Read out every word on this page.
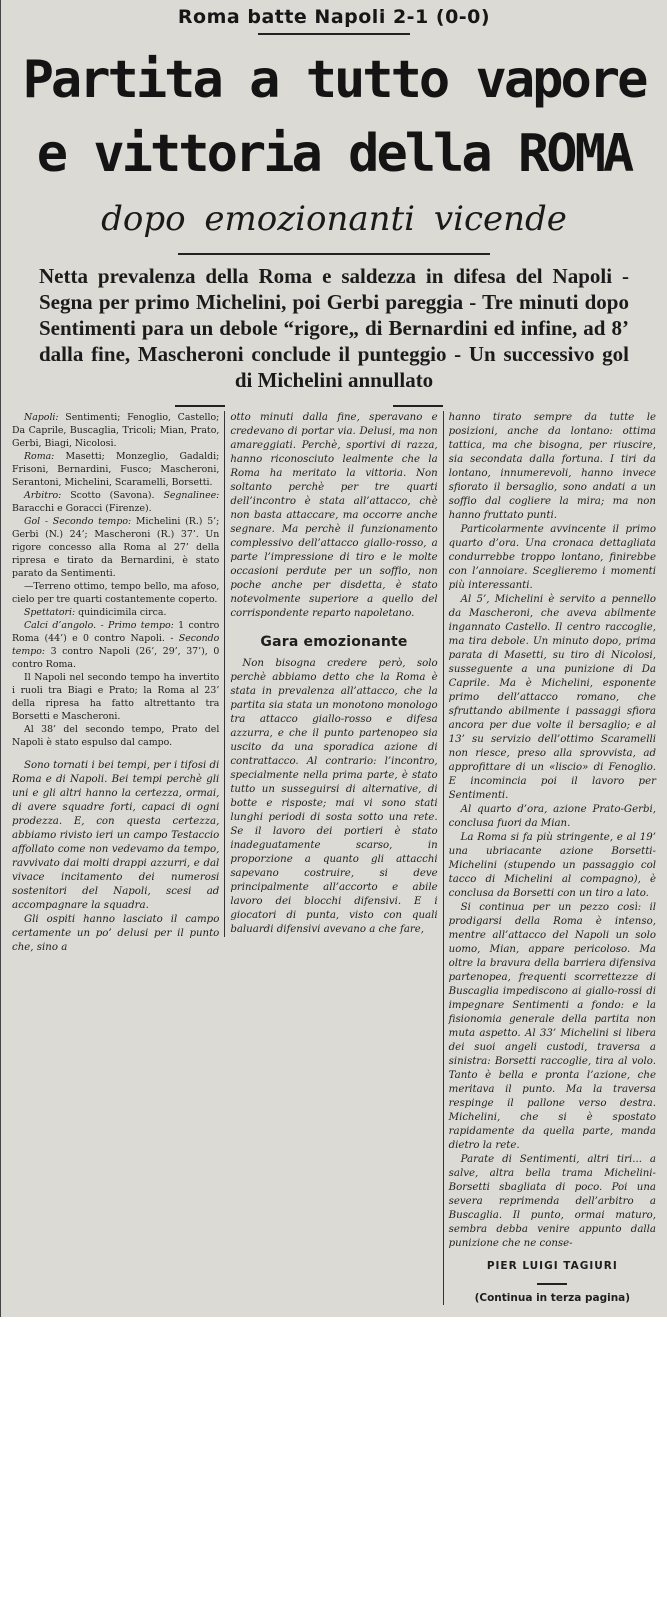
Roma batte Napoli 2-1 (0-0)
Partita a tutto vapore
e vittoria della ROMA
dopo emozionanti vicende
Netta prevalenza della Roma e saldezza in difesa del Napoli - Segna per primo Michelini, poi Gerbi pareggia - Tre minuti dopo Sentimenti para un debole “rigore„ di Bernardini ed infine, ad 8’ dalla fine, Mascheroni conclude il punteggio - Un successivo gol di Michelini annullato

Napoli: Sentimenti; Fenoglio, Castello; Da Caprile, Buscaglia, Tricoli; Mian, Prato, Gerbi, Biagi, Nicolosi.

Roma: Masetti; Monzeglio, Gadaldi; Frisoni, Bernardini, Fusco; Mascheroni, Serantoni, Michelini, Scaramelli, Borsetti.

Arbitro: Scotto (Savona). Segnalinee: Baracchi e Goracci (Firenze).

Gol - Secondo tempo: Michelini (R.) 5’; Gerbi (N.) 24’; Mascheroni (R.) 37’. Un rigore concesso alla Roma al 27’ della ripresa e tirato da Bernardini, è stato parato da Sentimenti.

—Terreno ottimo, tempo bello, ma afoso, cielo per tre quarti costantemente coperto.

Spettatori: quindicimila circa.

Calci d’angolo. - Primo tempo: 1 contro Roma (44’) e 0 contro Napoli. - Secondo tempo: 3 contro Napoli (26’, 29’, 37’), 0 contro Roma.

Il Napoli nel secondo tempo ha invertito i ruoli tra Biagi e Prato; la Roma al 23’ della ripresa ha fatto altrettanto tra Borsetti e Mascheroni.

Al 38’ del secondo tempo, Prato del Napoli è stato espulso dal campo.

Sono tornati i bei tempi, per i tifosi di Roma e di Napoli. Bei tempi perchè gli uni e gli altri hanno la certezza, ormai, di avere squadre forti, capaci di ogni prodezza. E, con questa certezza, abbiamo rivisto ieri un campo Testaccio affollato come non vedevamo da tempo, ravvivato dai molti drappi azzurri, e dal vivace incitamento dei numerosi sostenitori del Napoli, scesi ad accompagnare la squadra.

Gli ospiti hanno lasciato il campo certamente un po’ delusi per il punto che, sino a

otto minuti dalla fine, speravano e credevano di portar via. Delusi, ma non amareggiati. Perchè, sportivi di razza, hanno riconosciuto lealmente che la Roma ha meritato la vittoria. Non soltanto perchè per tre quarti dell’incontro è stata all’attacco, chè non basta attaccare, ma occorre anche segnare. Ma perchè il funzionamento complessivo dell’attacco giallo-rosso, a parte l’impressione di tiro e le molte occasioni perdute per un soffio, non poche anche per disdetta, è stato notevolmente superiore a quello del corrispondente reparto napoletano.

Gara emozionante

Non bisogna credere però, solo perchè abbiamo detto che la Roma è stata in prevalenza all’attacco, che la partita sia stata un monotono monologo tra attacco giallo-rosso e difesa azzurra, e che il punto partenopeo sia uscito da una sporadica azione di contrattacco. Al contrario: l’incontro, specialmente nella prima parte, è stato tutto un susseguirsi di alternative, di botte e risposte; mai vi sono stati lunghi periodi di sosta sotto una rete. Se il lavoro dei portieri è stato inadeguatamente scarso, in proporzione a quanto gli attacchi sapevano costruire, si deve principalmente all’accorto e abile lavoro dei blocchi difensivi. E i giocatori di punta, visto con quali baluardi difensivi avevano a che fare,

hanno tirato sempre da tutte le posizioni, anche da lontano: ottima tattica, ma che bisogna, per riuscire, sia secondata dalla fortuna. I tiri da lontano, innumerevoli, hanno invece sfiorato il bersaglio, sono andati a un soffio dal cogliere la mira; ma non hanno fruttato punti.

Particolarmente avvincente il primo quarto d’ora. Una cronaca dettagliata condurrebbe troppo lontano, finirebbe con l’annoiare. Sceglieremo i momenti più interessanti.

Al 5’, Michelini è servito a pennello da Mascheroni, che aveva abilmente ingannato Castello. Il centro raccoglie, ma tira debole. Un minuto dopo, prima parata di Masetti, su tiro di Nicolosi, susseguente a una punizione di Da Caprile. Ma è Michelini, esponente primo dell’attacco romano, che sfruttando abilmente i passaggi sfiora ancora per due volte il bersaglio; e al 13’ su servizio dell’ottimo Scaramelli non riesce, preso alla sprovvista, ad approfittare di un «liscio» di Fenoglio. E incomincia poi il lavoro per Sentimenti.

Al quarto d’ora, azione Prato-Gerbi, conclusa fuori da Mian.

La Roma si fa più stringente, e al 19’ una ubriacante azione Borsetti-Michelini (stupendo un passaggio col tacco di Michelini al compagno), è conclusa da Borsetti con un tiro a lato.

Si continua per un pezzo così: il prodigarsi della Roma è intenso, mentre all’attacco del Napoli un solo uomo, Mian, appare pericoloso. Ma oltre la bravura della barriera difensiva partenopea, frequenti scorrettezze di Buscaglia impediscono ai giallo-rossi di impegnare Sentimenti a fondo: e la fisionomia generale della partita non muta aspetto. Al 33’ Michelini si libera dei suoi angeli custodi, traversa a sinistra: Borsetti raccoglie, tira al volo. Tanto è bella e pronta l’azione, che meritava il punto. Ma la traversa respinge il pallone verso destra. Michelini, che si è spostato rapidamente da quella parte, manda dietro la rete.

Parate di Sentimenti, altri tiri... a salve, altra bella trama Michelini-Borsetti sbagliata di poco. Poi una severa reprimenda dell’arbitro a Buscaglia. Il punto, ormai maturo, sembra debba venire appunto dalla punizione che ne conse-

PIER LUIGI TAGIURI
(Continua in terza pagina)
